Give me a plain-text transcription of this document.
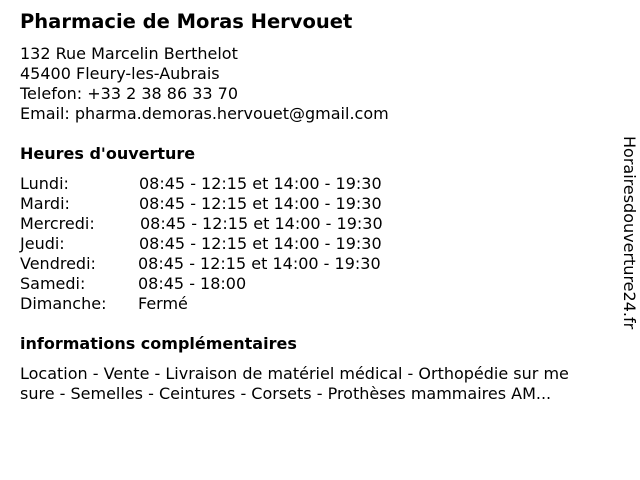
Pharmacie de Moras Hervouet
132 Rue Marcelin Berthelot
45400 Fleury-les-Aubrais
Telefon: +33 2 38 86 33 70
Email: pharma.demoras.hervouet@gmail.com
Heures d'ouverture
Lundi:	08:45 - 12:15 et 14:00 - 19:30
Mardi:	08:45 - 12:15 et 14:00 - 19:30
Mercredi:	08:45 - 12:15 et 14:00 - 19:30
Jeudi:	08:45 - 12:15 et 14:00 - 19:30
Vendredi:	08:45 - 12:15 et 14:00 - 19:30
Samedi:	08:45 - 18:00
Dimanche: Fermé
informations complémentaires
Location - Vente - Livraison de matériel médical - Orthopédie sur me
sure - Semelles - Ceintures - Corsets - Prothèses mammaires AM...
Horairesdouverture24.fr
